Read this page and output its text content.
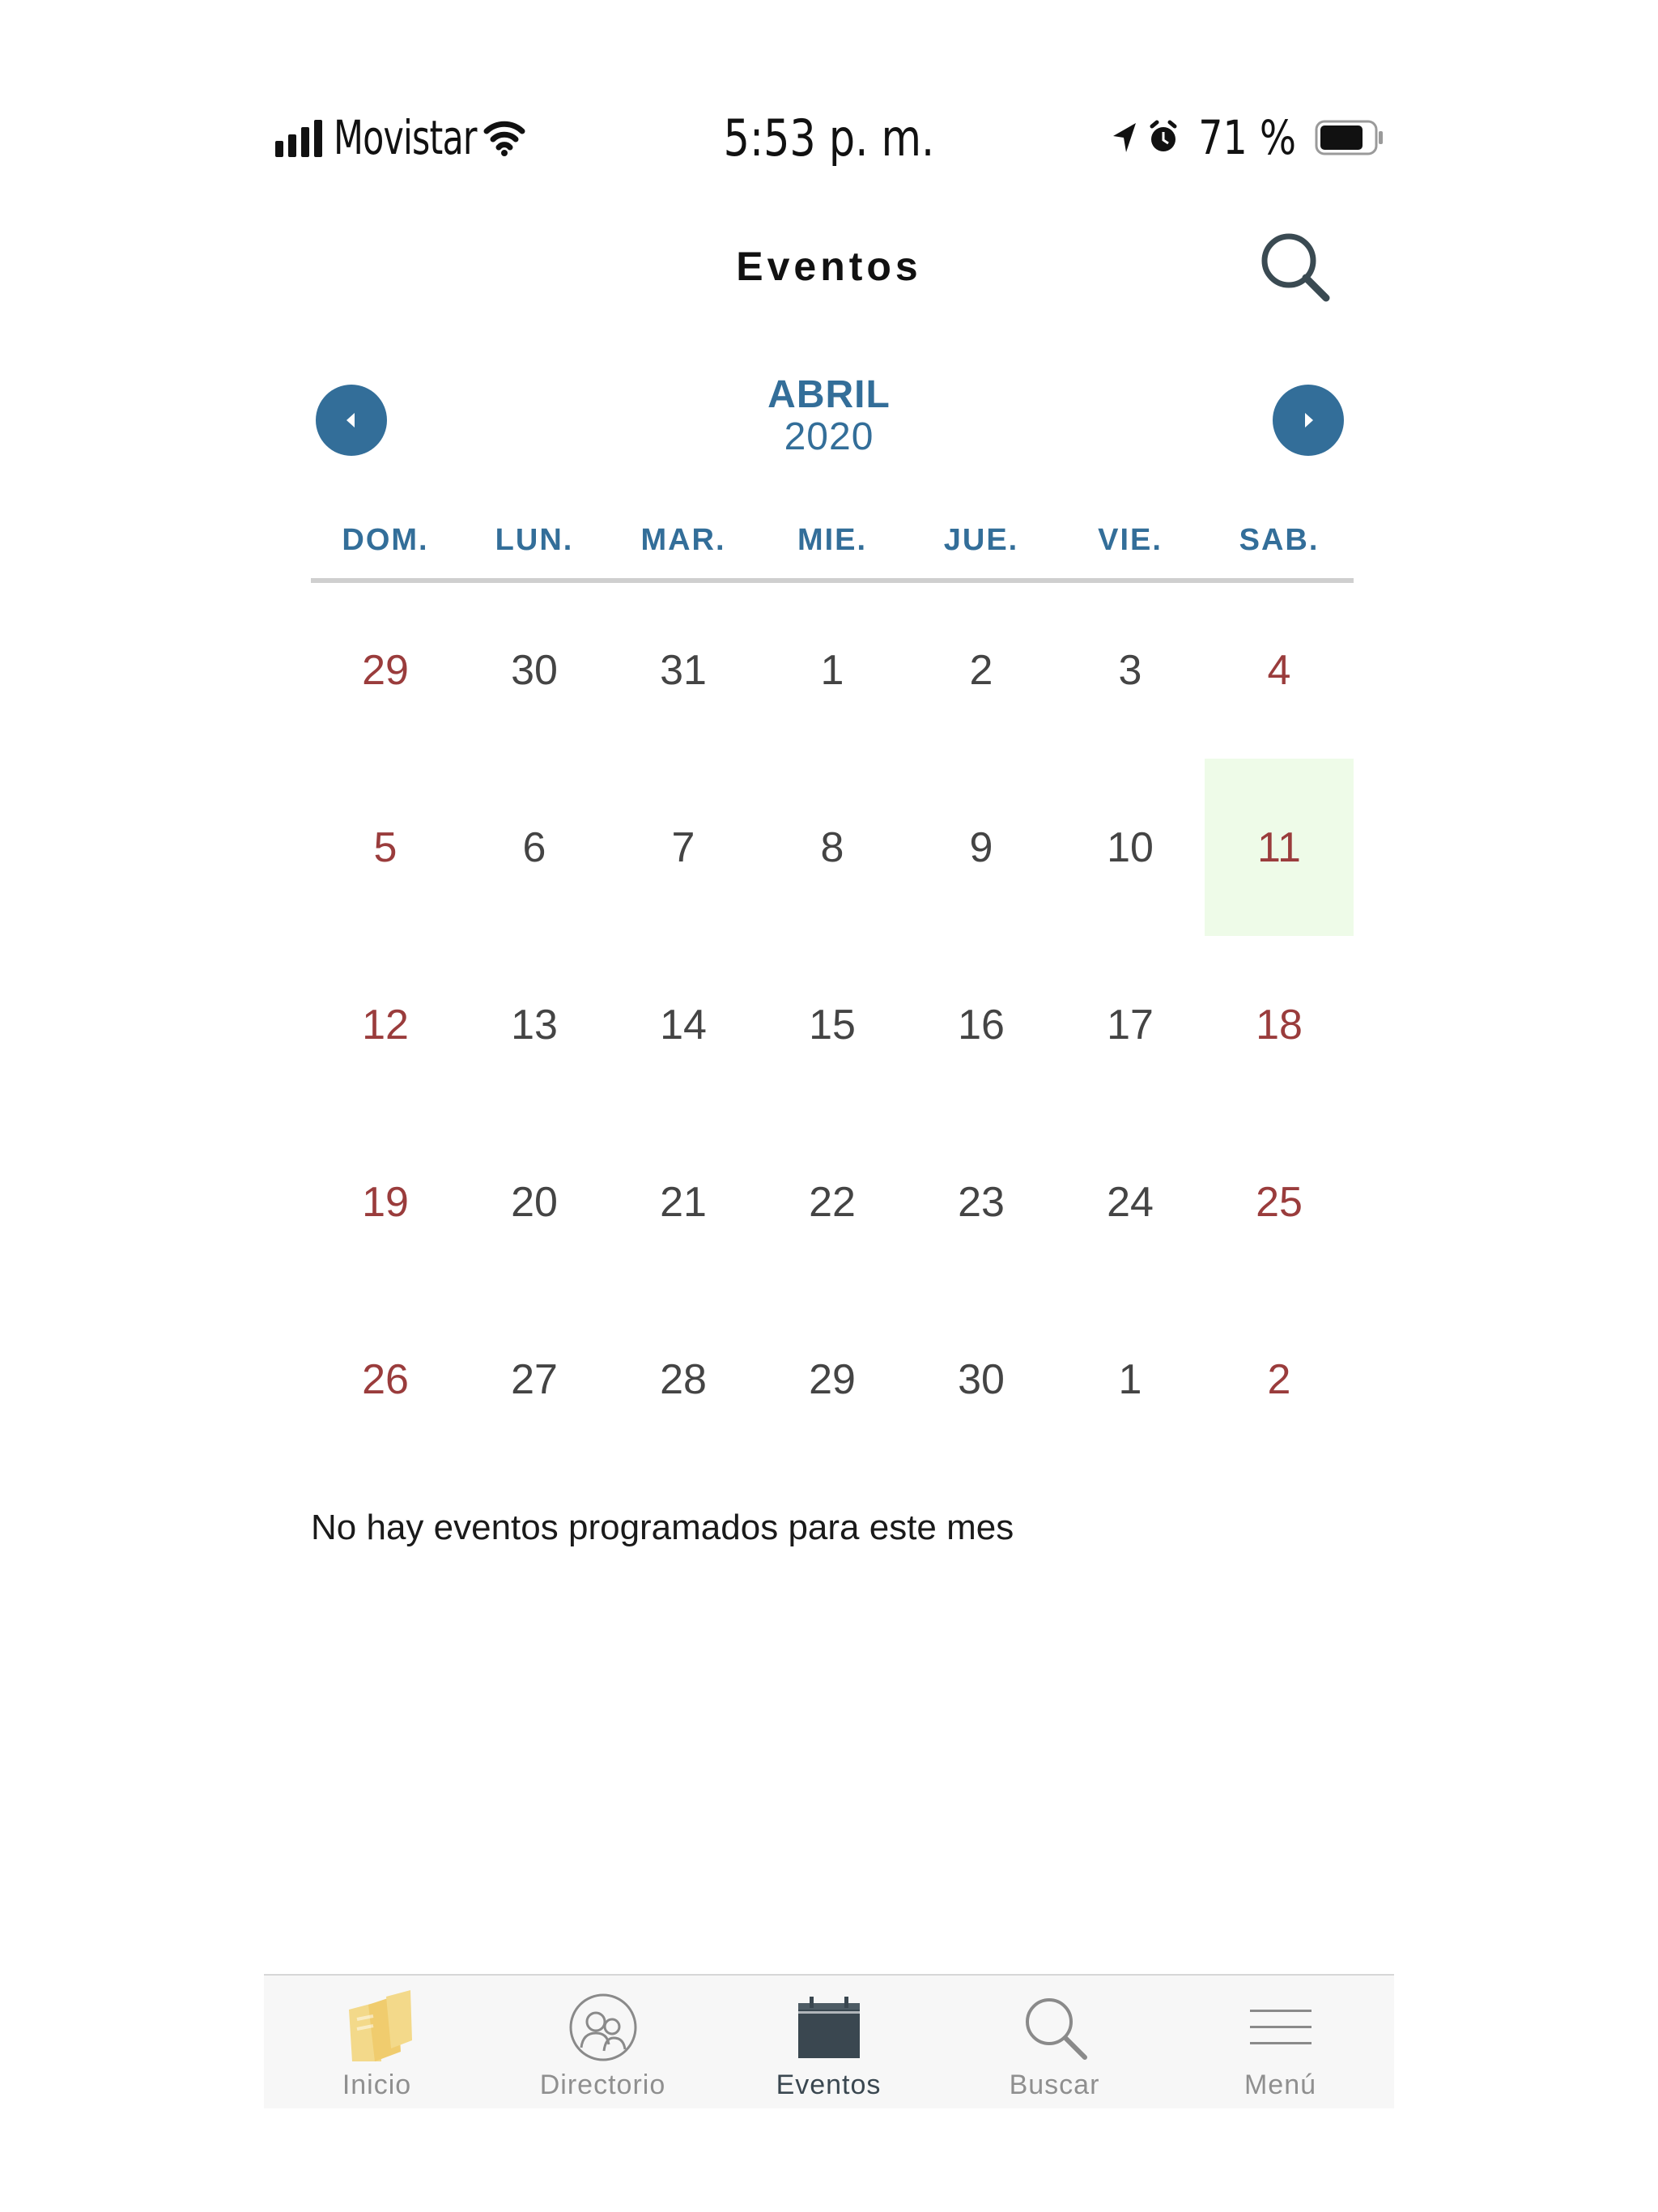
Movistar	5:53 p. m.	71 %
Eventos
ABRIL
2020
DOM.	LUN.	MAR.	MIE.	JUE.	VIE.	SAB.
29	30	31	1	2	3	4
5	6	7	8	9	10	11
12	13	14	15	16	17	18
19	20	21	22	23	24	25
26	27	28	29	30	1	2
No hay eventos programados para este mes
Inicio	Directorio	Eventos	Buscar	Menú
